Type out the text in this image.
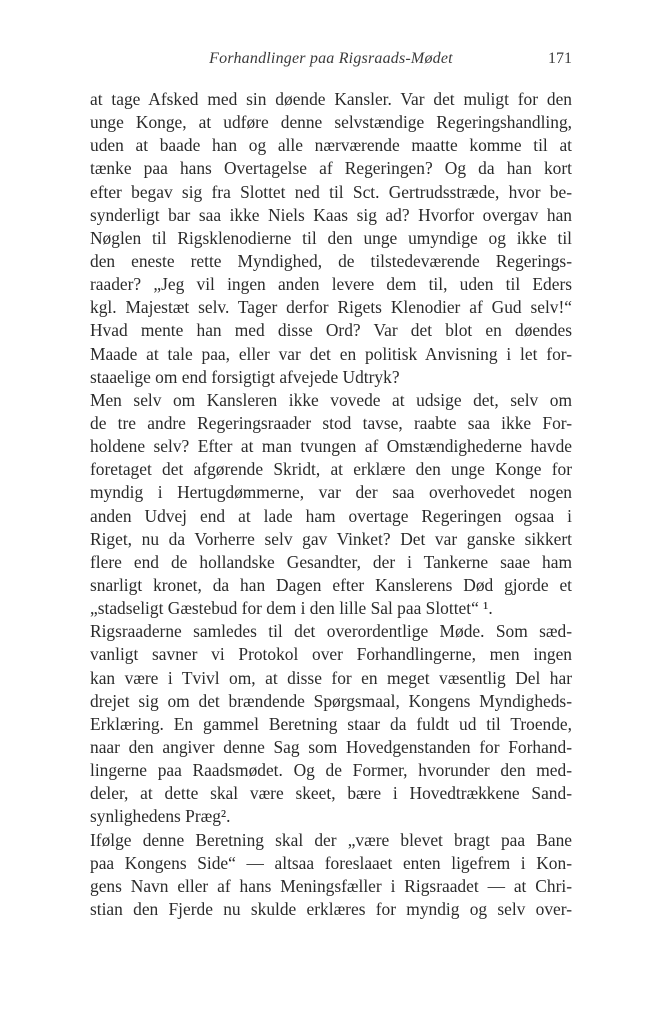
Forhandlinger paa Rigsraads-Mødet	171
at tage Afsked med sin døende Kansler. Var det muligt for den
unge Konge, at udføre denne selvstændige Regeringshandling,
uden at baade han og alle nærværende maatte komme til at
tænke paa hans Overtagelse af Regeringen? Og da han kort
efter begav sig fra Slottet ned til Sct. Gertrudsstræde, hvor be-
synderligt bar saa ikke Niels Kaas sig ad? Hvorfor overgav han
Nøglen til Rigsklenodierne til den unge umyndige og ikke til
den eneste rette Myndighed, de tilstedeværende Regerings-
raader? „Jeg vil ingen anden levere dem til, uden til Eders
kgl. Majestæt selv. Tager derfor Rigets Klenodier af Gud selv!“
Hvad mente han med disse Ord? Var det blot en døendes
Maade at tale paa, eller var det en politisk Anvisning i let for-
staaelige om end forsigtigt afvejede Udtryk?
Men selv om Kansleren ikke vovede at udsige det, selv om
de tre andre Regeringsraader stod tavse, raabte saa ikke For-
holdene selv? Efter at man tvungen af Omstændighederne havde
foretaget det afgørende Skridt, at erklære den unge Konge for
myndig i Hertugdømmerne, var der saa overhovedet nogen
anden Udvej end at lade ham overtage Regeringen ogsaa i
Riget, nu da Vorherre selv gav Vinket? Det var ganske sikkert
flere end de hollandske Gesandter, der i Tankerne saae ham
snarligt kronet, da han Dagen efter Kanslerens Død gjorde et
„stadseligt Gæstebud for dem i den lille Sal paa Slottet“ ¹.
Rigsraaderne samledes til det overordentlige Møde. Som sæd-
vanligt savner vi Protokol over Forhandlingerne, men ingen
kan være i Tvivl om, at disse for en meget væsentlig Del har
drejet sig om det brændende Spørgsmaal, Kongens Myndigheds-
Erklæring. En gammel Beretning staar da fuldt ud til Troende,
naar den angiver denne Sag som Hovedgenstanden for Forhand-
lingerne paa Raadsmødet. Og de Former, hvorunder den med-
deler, at dette skal være skeet, bære i Hovedtrækkene Sand-
synlighedens Præg².
Ifølge denne Beretning skal der „være blevet bragt paa Bane
paa Kongens Side“ — altsaa foreslaaet enten ligefrem i Kon-
gens Navn eller af hans Meningsfæller i Rigsraadet — at Chri-
stian den Fjerde nu skulde erklæres for myndig og selv over-
